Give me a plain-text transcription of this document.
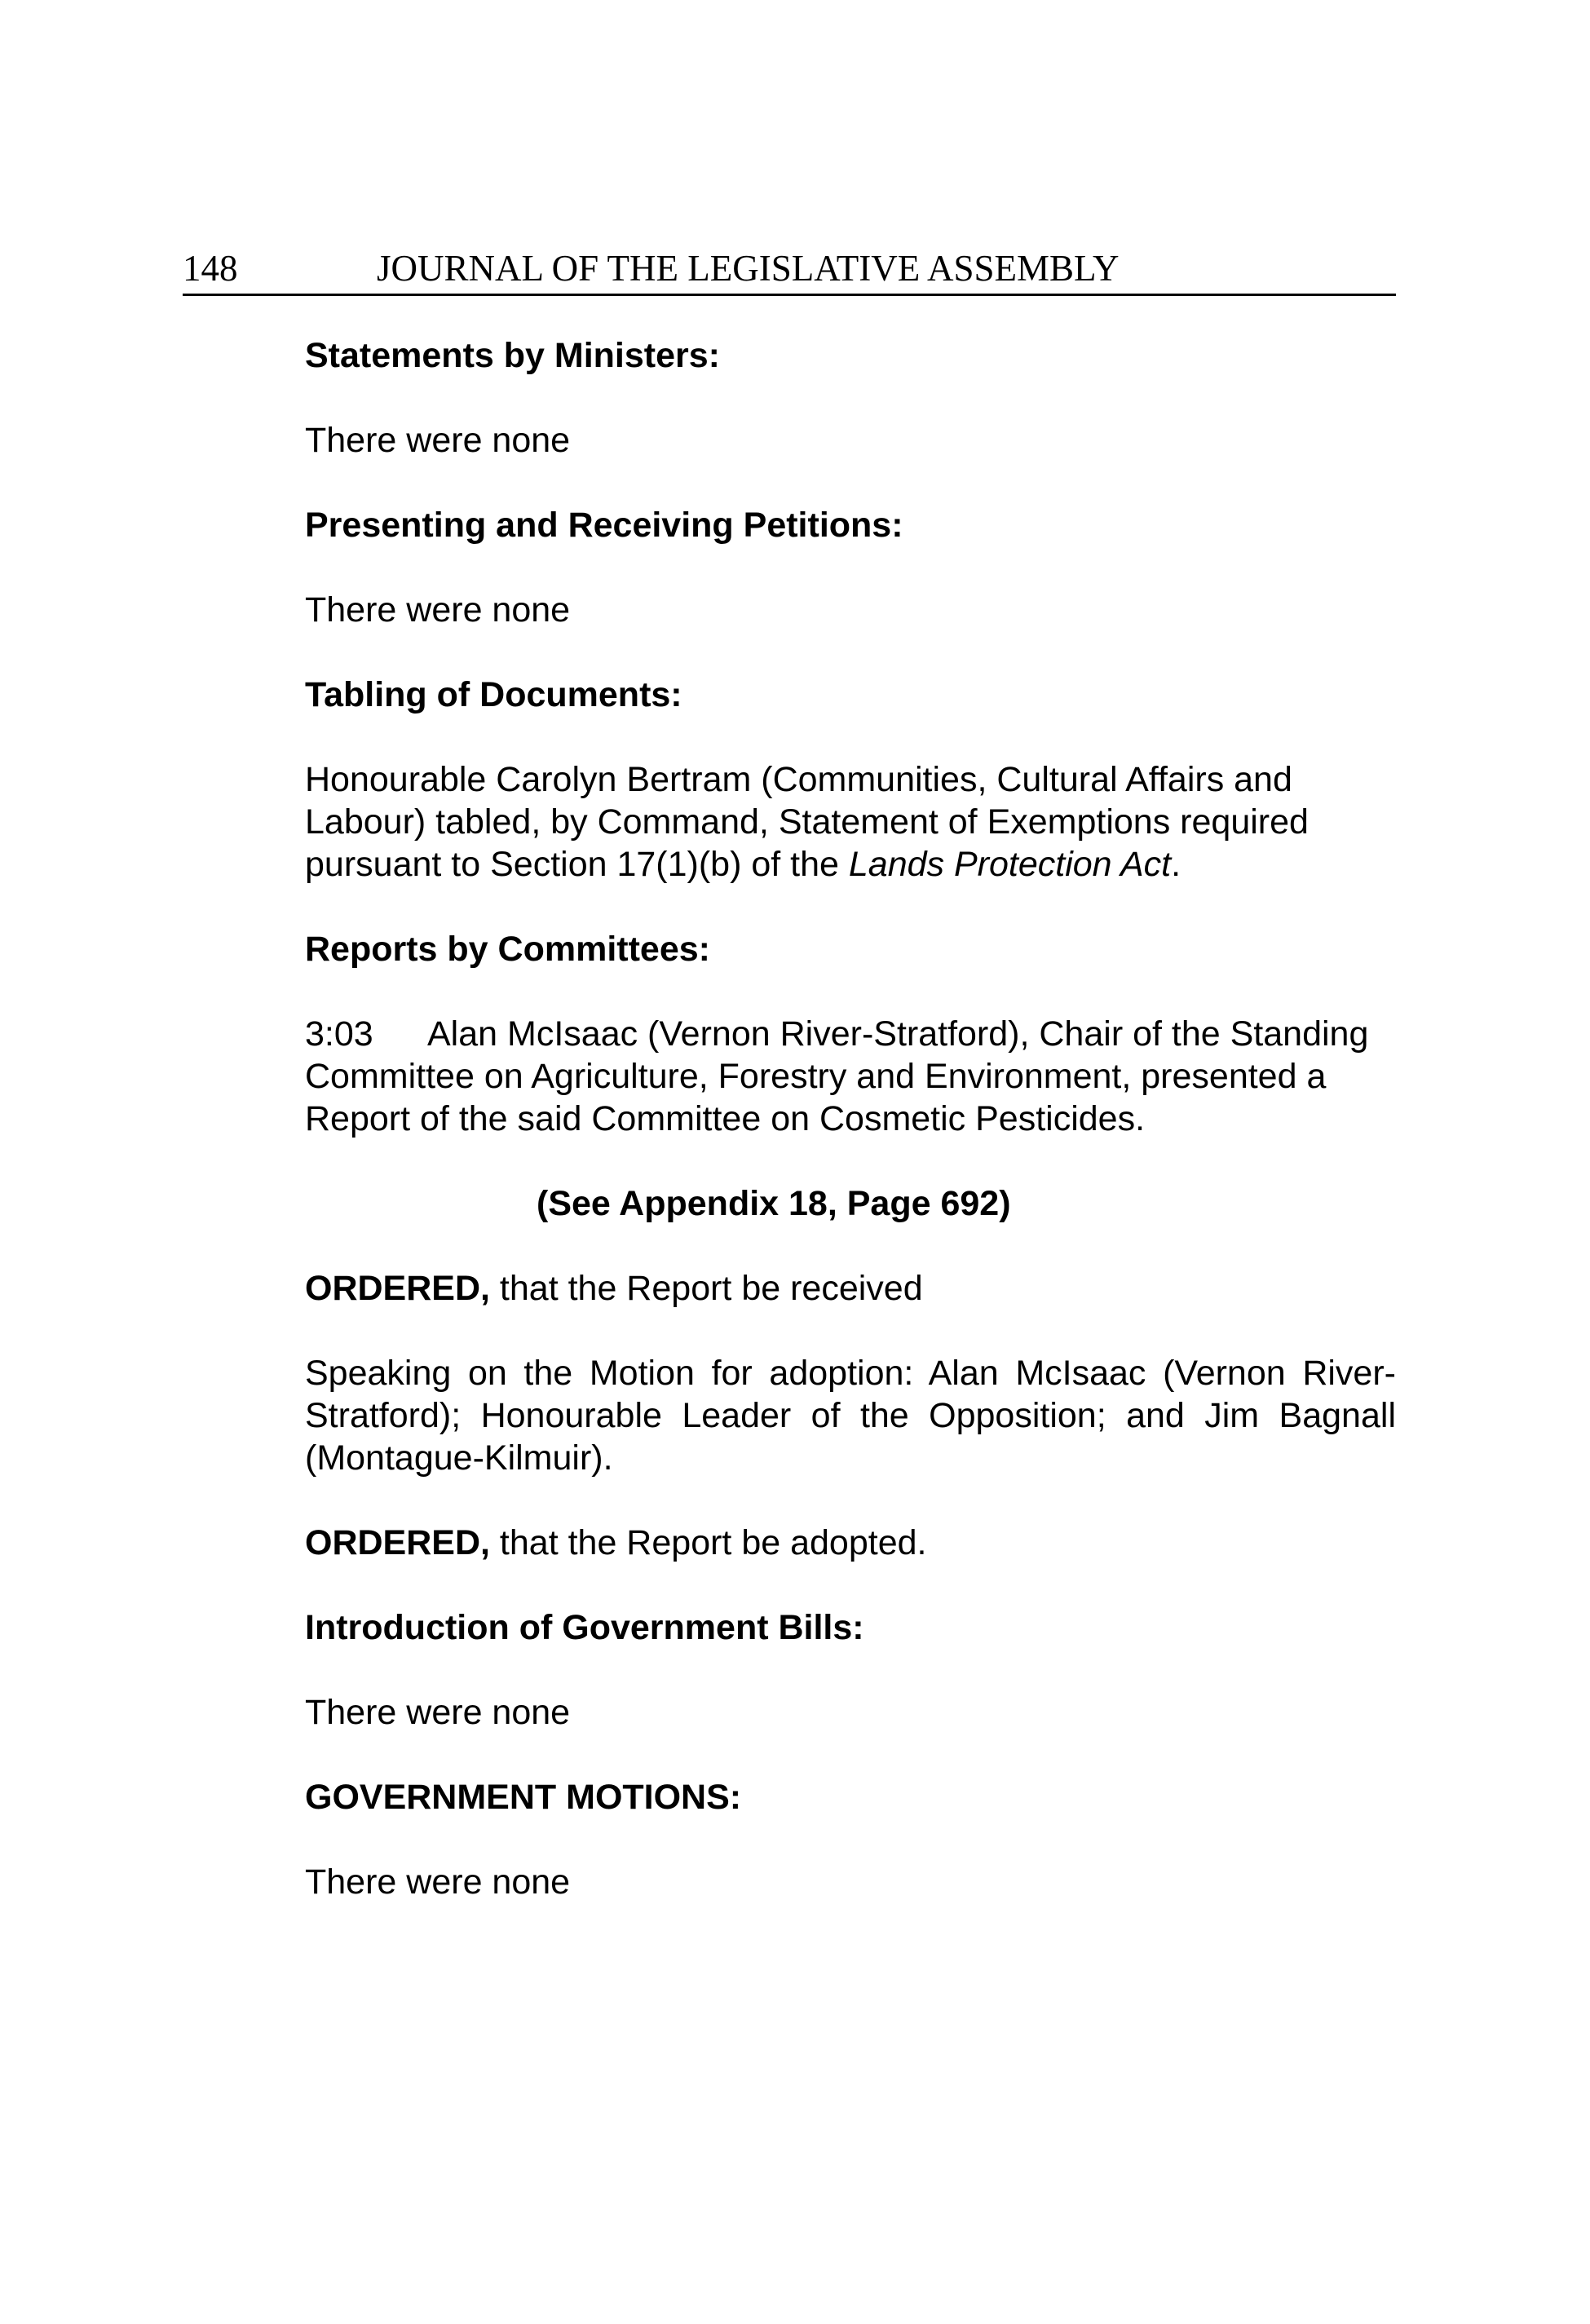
148	JOURNAL OF THE LEGISLATIVE ASSEMBLY
Statements by Ministers:
There were none
Presenting and Receiving Petitions:
There were none
Tabling of Documents:
Honourable Carolyn Bertram (Communities, Cultural Affairs and Labour) tabled, by Command, Statement of Exemptions required pursuant to Section 17(1)(b) of the Lands Protection Act.
Reports by Committees:
3:03 Alan McIsaac (Vernon River-Stratford), Chair of the Standing Committee on Agriculture, Forestry and Environment, presented a Report of the said Committee on Cosmetic Pesticides.
(See Appendix 18, Page 692)
ORDERED, that the Report be received
Speaking on the Motion for adoption: Alan McIsaac (Vernon River-Stratford); Honourable Leader of the Opposition; and Jim Bagnall (Montague-Kilmuir).
ORDERED, that the Report be adopted.
Introduction of Government Bills:
There were none
GOVERNMENT MOTIONS:
There were none
